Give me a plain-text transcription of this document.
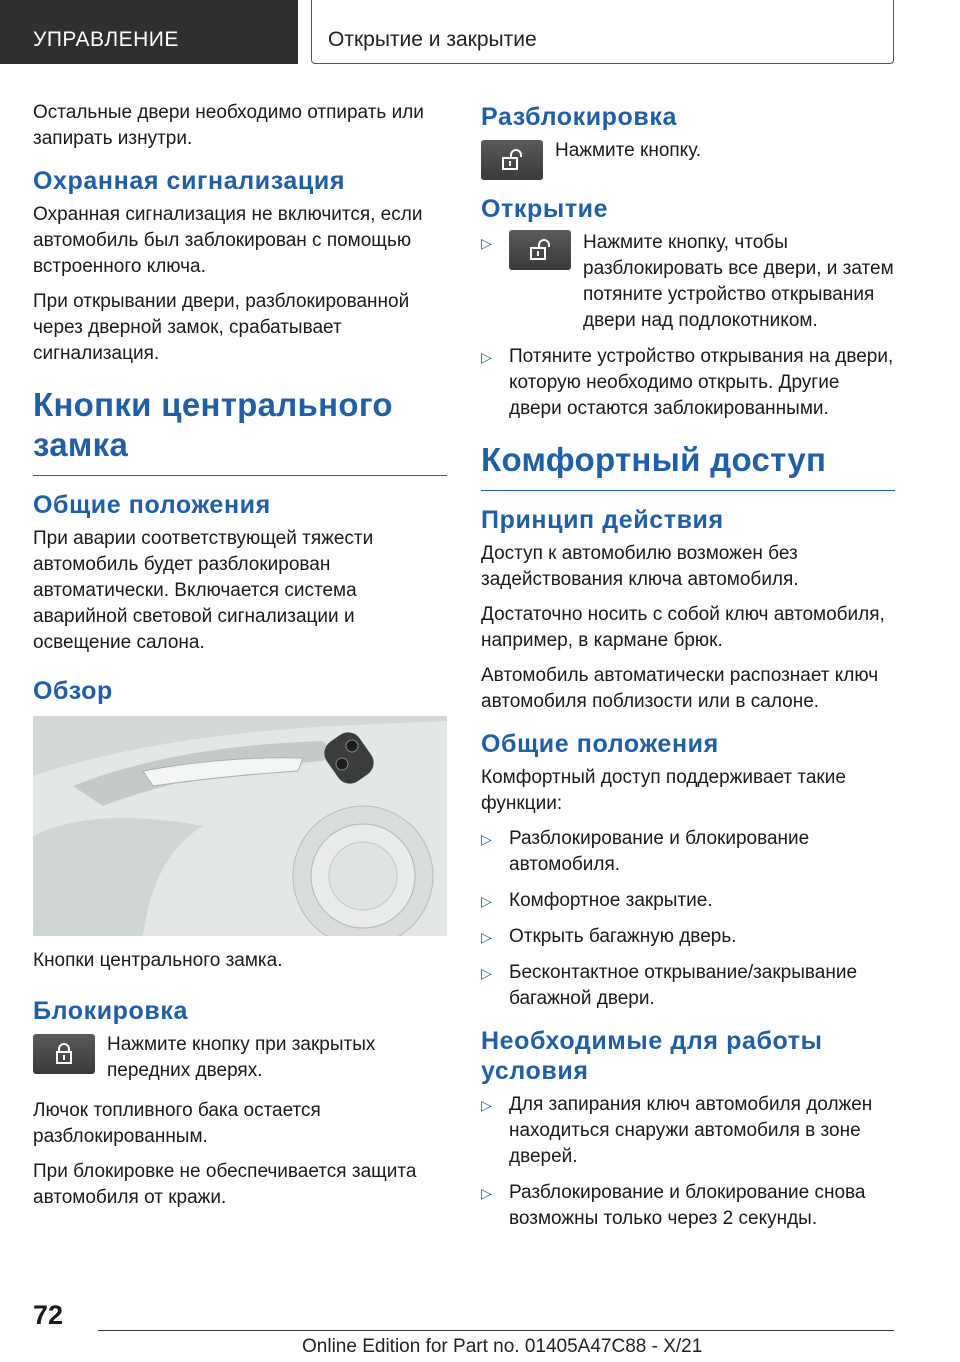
УПРАВЛЕНИЕ	Открытие и закрытие

Остальные двери необходимо отпирать или запирать изнутри.

Охранная сигнализация

Охранная сигнализация не включится, если автомобиль был заблокирован с помощью встроенного ключа.

При открывании двери, разблокированной через дверной замок, срабатывает сигнализация.

Кнопки центрального замка
Общие положения

При аварии соответствующей тяжести автомобиль будет разблокирован автоматически. Включается система аварийной световой сигнализации и освещение салона.

Обзор

Кнопки центрального замка.

Блокировка

Нажмите кнопку при закрытых передних дверях.

Лючок топливного бака остается разблокированным.

При блокировке не обеспечивается защита автомобиля от кражи.

Разблокировка

Нажмите кнопку.

Открытие
▷	Нажмите кнопку, чтобы разблокировать все двери, и затем потяните устройство открывания двери над подлокотником.

▷ Потяните устройство открывания на двери, которую необходимо открыть. Другие двери остаются заблокированными.

Комфортный доступ
Принцип действия

Доступ к автомобилю возможен без задействования ключа автомобиля.

Достаточно носить с собой ключ автомобиля, например, в кармане брюк.

Автомобиль автоматически распознает ключ автомобиля поблизости или в салоне.

Общие положения

Комфортный доступ поддерживает такие функции:

▷ Разблокирование и блокирование автомобиля.

▷ Комфортное закрытие.

▷ Открыть багажную дверь.

▷ Бесконтактное открывание/закрывание багажной двери.

Необходимые для работы условия
▷ Для запирания ключ автомобиля должен находиться снаружи автомобиля в зоне дверей.

▷ Разблокирование и блокирование снова возможны только через 2 секунды.

72
Online Edition for Part no. 01405A47C88 - X/21
